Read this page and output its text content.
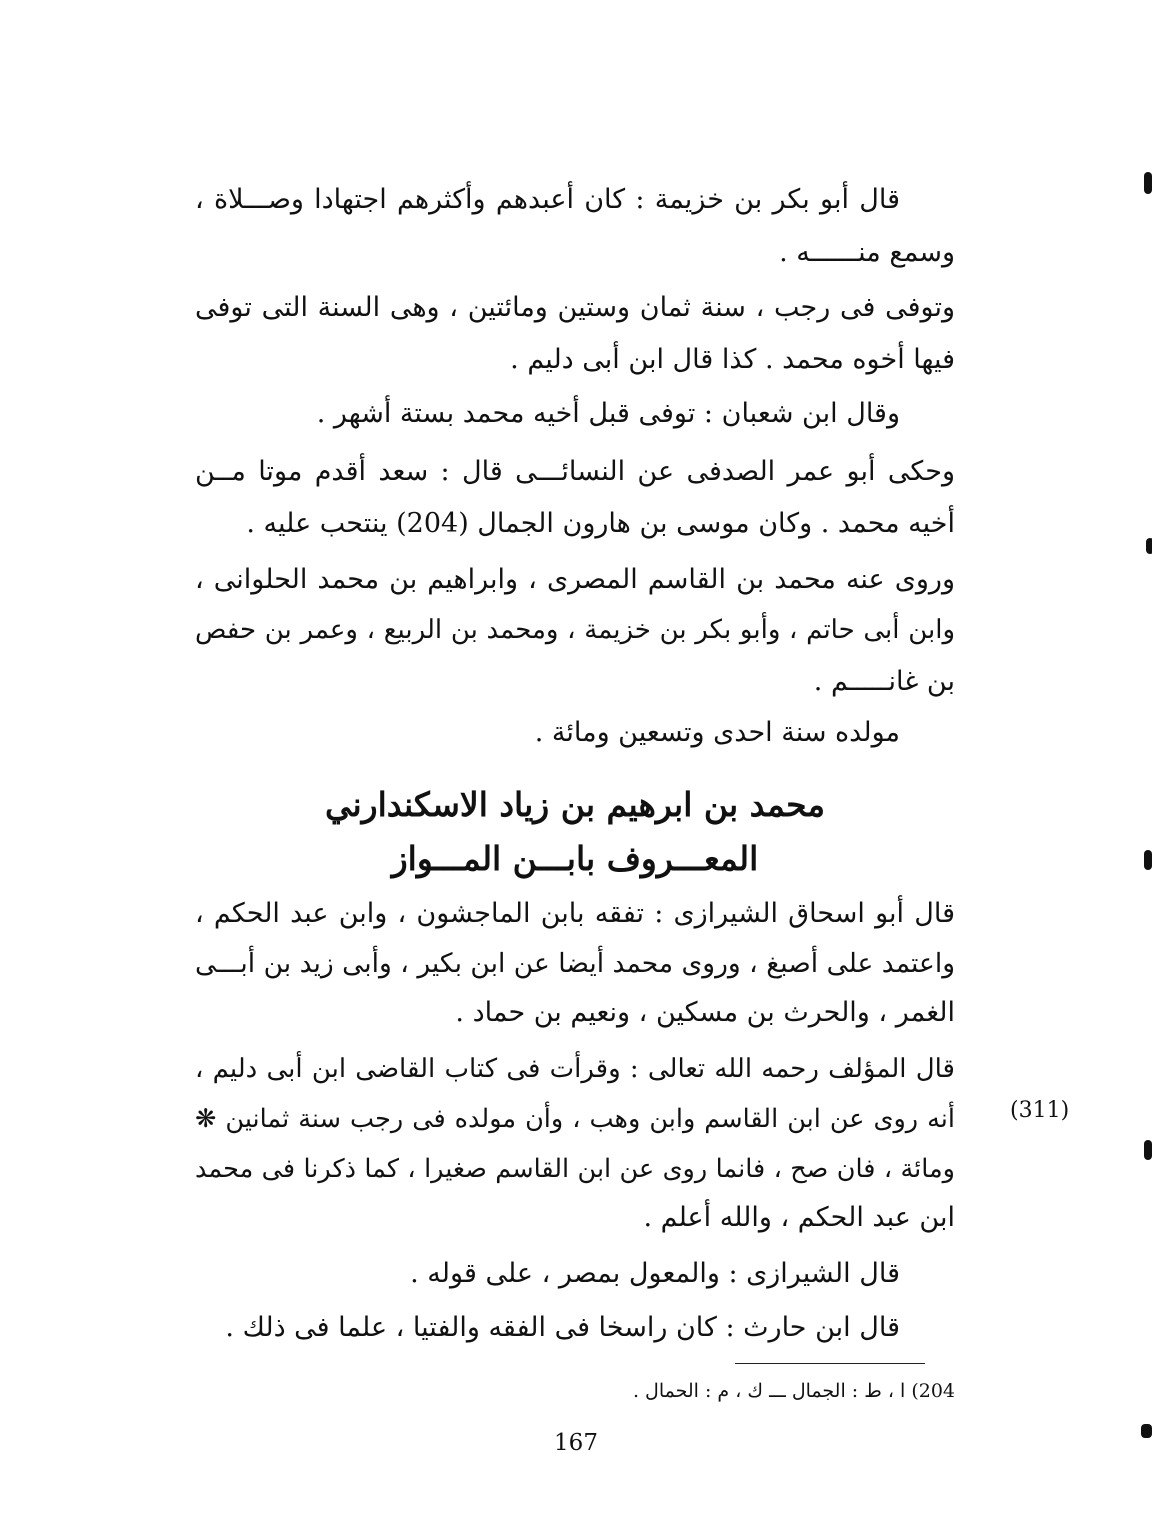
قال أبو بكر بن خزيمة : كان أعبدهم وأكثرهم اجتهادا وصـــلاة ،
وسمع منــــــه .
وتوفى فى رجب ، سنة ثمان وستين ومائتين ، وهى السنة التى توفى
فيها أخوه محمد . كذا قال ابن أبى دليم .
وقال ابن شعبان : توفى قبل أخيه محمد بستة أشهر .
وحكى أبو عمر الصدفى عن النسائـــى قال : سعد أقدم موتا مــن
أخيه محمد . وكان موسى بن هارون الجمال (204) ينتحب عليه .
وروى عنه محمد بن القاسم المصرى ، وابراهيم بن محمد الحلوانى ،
وابن أبى حاتم ، وأبو بكر بن خزيمة ، ومحمد بن الربيع ، وعمر بن حفص
بن غانـــــم .
مولده سنة احدى وتسعين ومائة .
محمد بن ابرهيم بن زياد الاسكندارني
المعـــروف بابـــن المـــواز
قال أبو اسحاق الشيرازى : تفقه بابن الماجشون ، وابن عبد الحكم ،
واعتمد على أصبغ ، وروى محمد أيضا عن ابن بكير ، وأبى زيد بن أبـــى
الغمر ، والحرث بن مسكين ، ونعيم بن حماد .
قال المؤلف رحمه الله تعالى : وقرأت فى كتاب القاضى ابن أبى دليم ،
أنه روى عن ابن القاسم وابن وهب ، وأن مولده فى رجب سنة ثمانين ❋
ومائة ، فان صح ، فانما روى عن ابن القاسم صغيرا ، كما ذكرنا فى محمد
ابن عبد الحكم ، والله أعلم .
قال الشيرازى : والمعول بمصر ، على قوله .
قال ابن حارث : كان راسخا فى الفقه والفتيا ، علما فى ذلك .
(311)
204) ا ، ط : الجمال ـــ ك ، م : الحمال .
167
